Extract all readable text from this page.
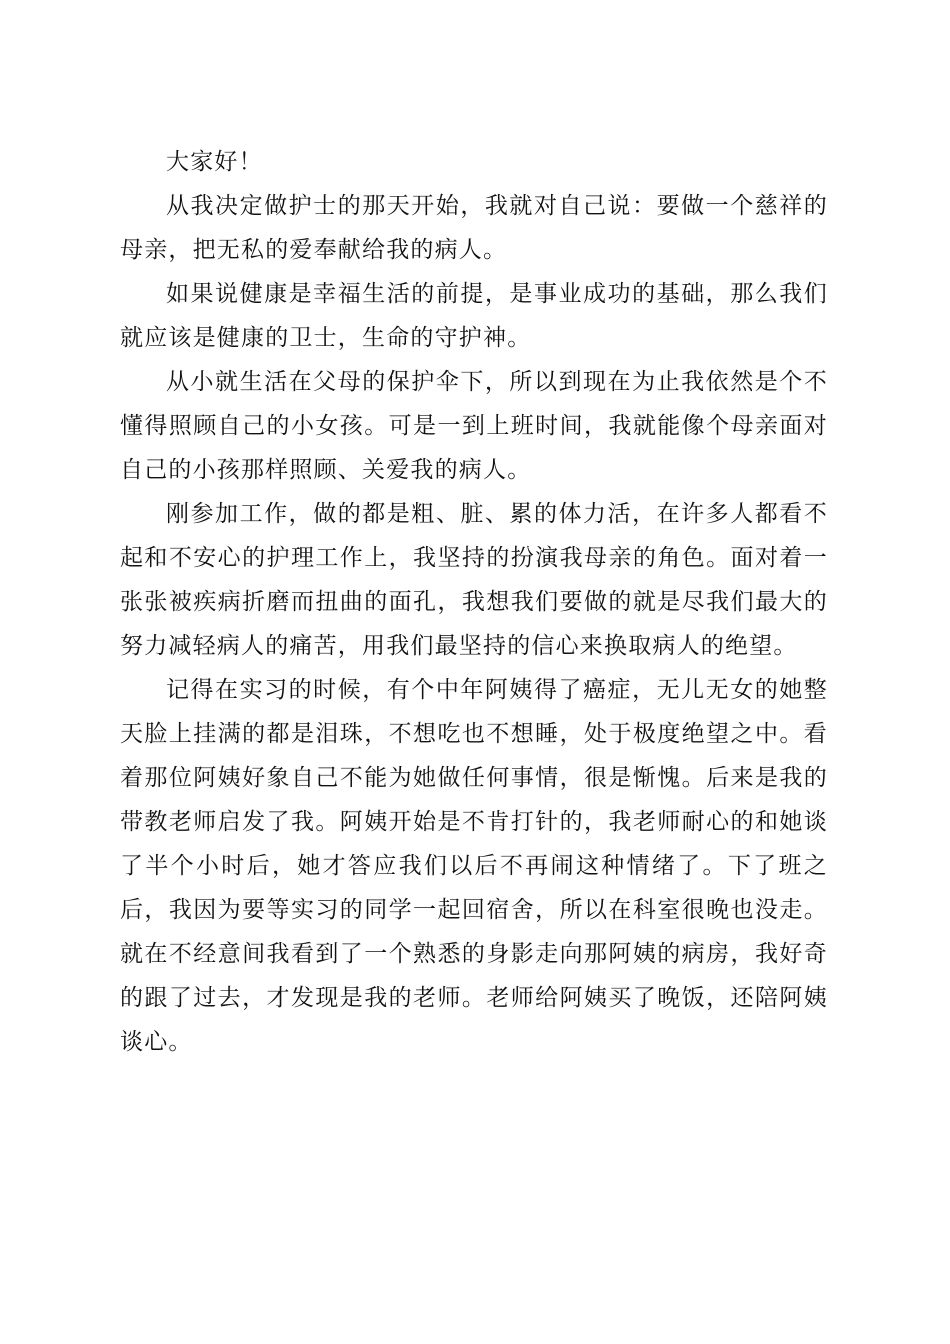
大家好！

从我决定做护士的那天开始，我就对自己说：要做一个慈祥的母亲，把无私的爱奉献给我的病人。

如果说健康是幸福生活的前提，是事业成功的基础，那么我们就应该是健康的卫士，生命的守护神。

从小就生活在父母的保护伞下，所以到现在为止我依然是个不懂得照顾自己的小女孩。可是一到上班时间，我就能像个母亲面对自己的小孩那样照顾、关爱我的病人。

刚参加工作，做的都是粗、脏、累的体力活，在许多人都看不起和不安心的护理工作上，我坚持的扮演我母亲的角色。面对着一张张被疾病折磨而扭曲的面孔，我想我们要做的就是尽我们最大的努力减轻病人的痛苦，用我们最坚持的信心来换取病人的绝望。

记得在实习的时候，有个中年阿姨得了癌症，无儿无女的她整天脸上挂满的都是泪珠，不想吃也不想睡，处于极度绝望之中。看着那位阿姨好象自己不能为她做任何事情，很是惭愧。后来是我的带教老师启发了我。阿姨开始是不肯打针的，我老师耐心的和她谈了半个小时后，她才答应我们以后不再闹这种情绪了。下了班之后，我因为要等实习的同学一起回宿舍，所以在科室很晚也没走。就在不经意间我看到了一个熟悉的身影走向那阿姨的病房，我好奇的跟了过去，才发现是我的老师。老师给阿姨买了晚饭，还陪阿姨谈心。
